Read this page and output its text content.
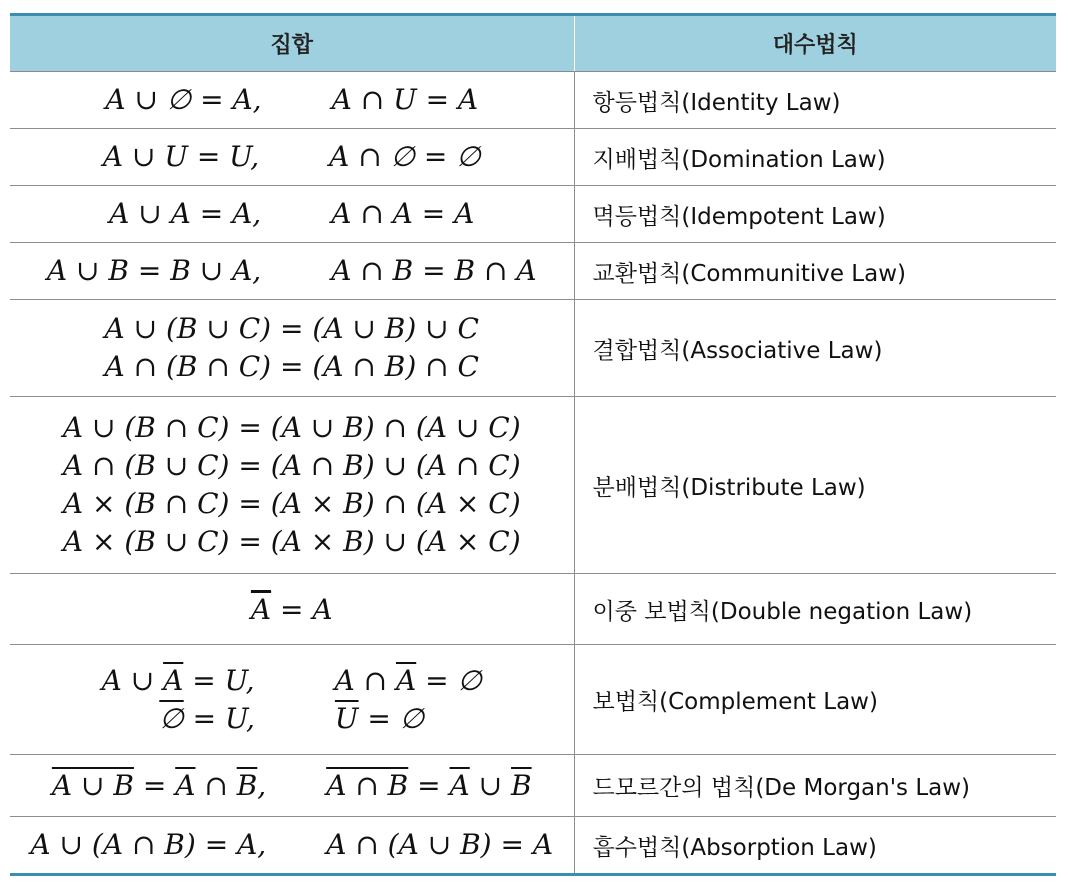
집합	대수법칙

A ∪ ∅ = A, A ∩ U = A	항등법칙(Identity Law)

A ∪ U = U, A ∩ ∅ = ∅	지배법칙(Domination Law)

A ∪ A = A, A ∩ A = A	멱등법칙(Idempotent Law)

A ∪ B = B ∪ A, A ∩ B = B ∩ A	교환법칙(Communitive Law)

A ∪ (B ∪ C) = (A ∪ B) ∪ C
A ∩ (B ∩ C) = (A ∩ B) ∩ C	결합법칙(Associative Law)

A ∪ (B ∩ C) = (A ∪ B) ∩ (A ∪ C)
A ∩ (B ∪ C) = (A ∩ B) ∪ (A ∩ C)
A × (B ∩ C) = (A × B) ∩ (A × C)
A × (B ∪ C) = (A × B) ∪ (A × C)	분배법칙(Distribute Law)
$\overline{A} = A$	이중 보법칙(Double negation Law)

A ∪ $\overline{A} = U$, A ∩ $\overline{A}$ = ∅
∅ = U, $\overline{U}$ = ∅	보법칙(Complement Law)

A ∪ $B = \overline{A}$ ∩ $\overline{B}$, A ∩ $B = \overline{A}$ ∪ $\overline{B}$	드모르간의 법칙(De Morgan's Law)

A ∪ (A ∩ B) = A, A ∩ (A ∪ B) = A	흡수법칙(Absorption Law)
